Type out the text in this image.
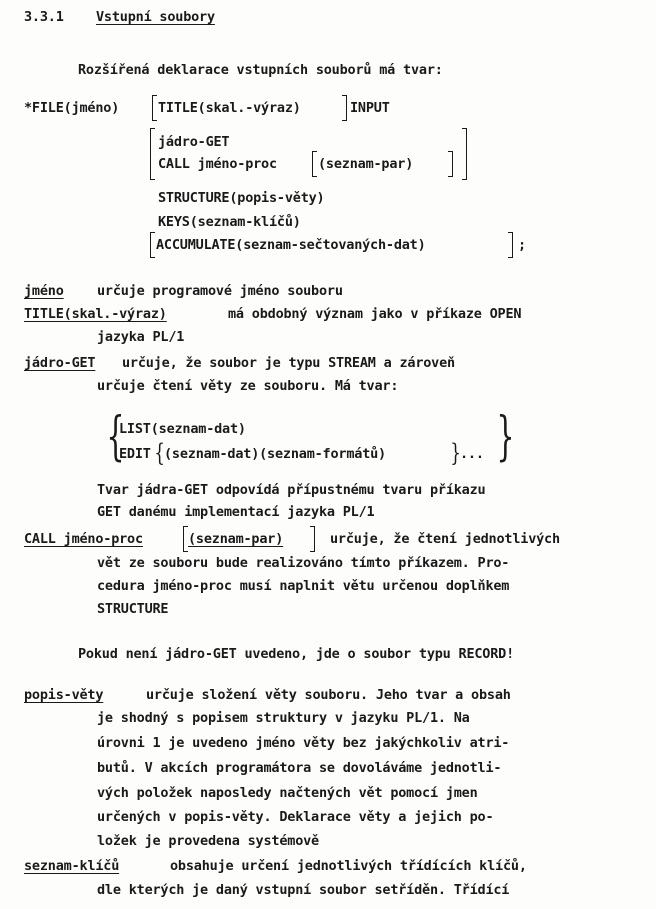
3.3.1 Vstupní soubory
Rozšířená deklarace vstupních souborů má tvar:
*FILE(jméno)	TITLE(skal.-výraz)	INPUT
jádro-GET
CALL jméno-proc	(seznam-par)
STRUCTURE(popis-věty)
KEYS(seznam-klíčů)
ACCUMULATE(seznam-sečtovaných-dat)	;
jméno určuje programové jméno souboru
TITLE(skal.-výraz)	má obdobný význam jako v příkaze OPEN
jazyka PL/1
jádro-GET určuje, že soubor je typu STREAM a zároveň
určuje čtení věty ze souboru. Má tvar:
{
LIST(seznam-dat)
EDIT { (seznam-dat)(seznam-formátů)	} ... }
Tvar jádra-GET odpovídá přípustnému tvaru příkazu
GET danému implementací jazyka PL/1
CALL jméno-proc	(seznam-par)	určuje, že čtení jednotlivých
vět ze souboru bude realizováno tímto příkazem. Pro-
cedura jméno-proc musí naplnit větu určenou doplňkem
STRUCTURE
Pokud není jádro-GET uvedeno, jde o soubor typu RECORD!
popis-věty	určuje složení věty souboru. Jeho tvar a obsah
je shodný s popisem struktury v jazyku PL/1. Na
úrovni 1 je uvedeno jméno věty bez jakýchkoliv atri-
butů. V akcích programátora se dovoláváme jednotli-
vých položek naposledy načtených vět pomocí jmen
určených v popis-věty. Deklarace věty a jejich po-
ložek je provedena systémově
seznam-klíčů	obsahuje určení jednotlivých třídících klíčů,
dle kterých je daný vstupní soubor setříděn. Třídící
